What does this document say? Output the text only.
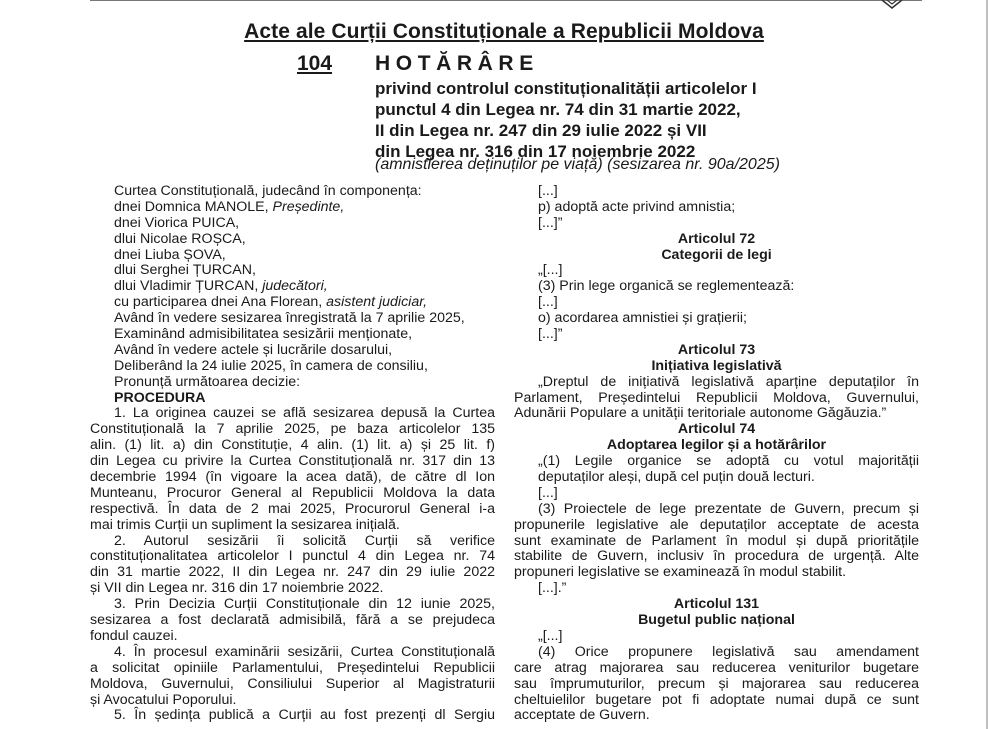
Acte ale Curții Constituționale a Republicii Moldova
104 HOTĂRÂRE
privind controlul constituționalității articolelor I
punctul 4 din Legea nr. 74 din 31 martie 2022,
II din Legea nr. 247 din 29 iulie 2022 și VII
din Legea nr. 316 din 17 noiembrie 2022
(amnistierea deținuților pe viață) (sesizarea nr. 90a/2025)
Curtea Constituțională, judecând în componența:
dnei Domnica MANOLE, Președinte,
dnei Viorica PUICA,
dlui Nicolae ROȘCA,
dnei Liuba ȘOVA,
dlui Serghei ȚURCAN,
dlui Vladimir ȚURCAN, judecători,
cu participarea dnei Ana Florean, asistent judiciar,
Având în vedere sesizarea înregistrată la 7 aprilie 2025,
Examinând admisibilitatea sesizării menționate,
Având în vedere actele și lucrările dosarului,
Deliberând la 24 iulie 2025, în camera de consiliu,
Pronunță următoarea decizie:
PROCEDURA
1. La originea cauzei se află sesizarea depusă la Curtea
Constituțională la 7 aprilie 2025, pe baza articolelor 135
alin. (1) lit. a) din Constituție, 4 alin. (1) lit. a) și 25 lit. f)
din Legea cu privire la Curtea Constituțională nr. 317 din 13
decembrie 1994 (în vigoare la acea dată), de către dl Ion
Munteanu, Procuror General al Republicii Moldova la data
respectivă. În data de 2 mai 2025, Procurorul General i-a
mai trimis Curții un supliment la sesizarea inițială.
2. Autorul sesizării îi solicită Curții să verifice
constituționalitatea articolelor I punctul 4 din Legea nr. 74
din 31 martie 2022, II din Legea nr. 247 din 29 iulie 2022
și VII din Legea nr. 316 din 17 noiembrie 2022.
3. Prin Decizia Curții Constituționale din 12 iunie 2025,
sesizarea a fost declarată admisibilă, fără a se prejudeca
fondul cauzei.
4. În procesul examinării sesizării, Curtea Constituțională
a solicitat opiniile Parlamentului, Președintelui Republicii
Moldova, Guvernului, Consiliului Superior al Magistraturii
și Avocatului Poporului.
5. În ședința publică a Curții au fost prezenți dl Sergiu
[...]
p) adoptă acte privind amnistia;
[...]”
Articolul 72
Categorii de legi
„[...]
(3) Prin lege organică se reglementează:
[...]
o) acordarea amnistiei și grațierii;
[...]”
Articolul 73
Inițiativa legislativă
„Dreptul de inițiativă legislativă aparține deputaților în
Parlament, Președintelui Republicii Moldova, Guvernului,
Adunării Populare a unității teritoriale autonome Găgăuzia.”
Articolul 74
Adoptarea legilor și a hotărârilor
„(1) Legile organice se adoptă cu votul majorității
deputaților aleși, după cel puțin două lecturi.
[...]
(3) Proiectele de lege prezentate de Guvern, precum și
propunerile legislative ale deputaților acceptate de acesta
sunt examinate de Parlament în modul și după prioritățile
stabilite de Guvern, inclusiv în procedura de urgență. Alte
propuneri legislative se examinează în modul stabilit.
[...].”
Articolul 131
Bugetul public național
„[...]
(4) Orice propunere legislativă sau amendament
care atrag majorarea sau reducerea veniturilor bugetare
sau împrumuturilor, precum și majorarea sau reducerea
cheltuielilor bugetare pot fi adoptate numai după ce sunt
acceptate de Guvern.
